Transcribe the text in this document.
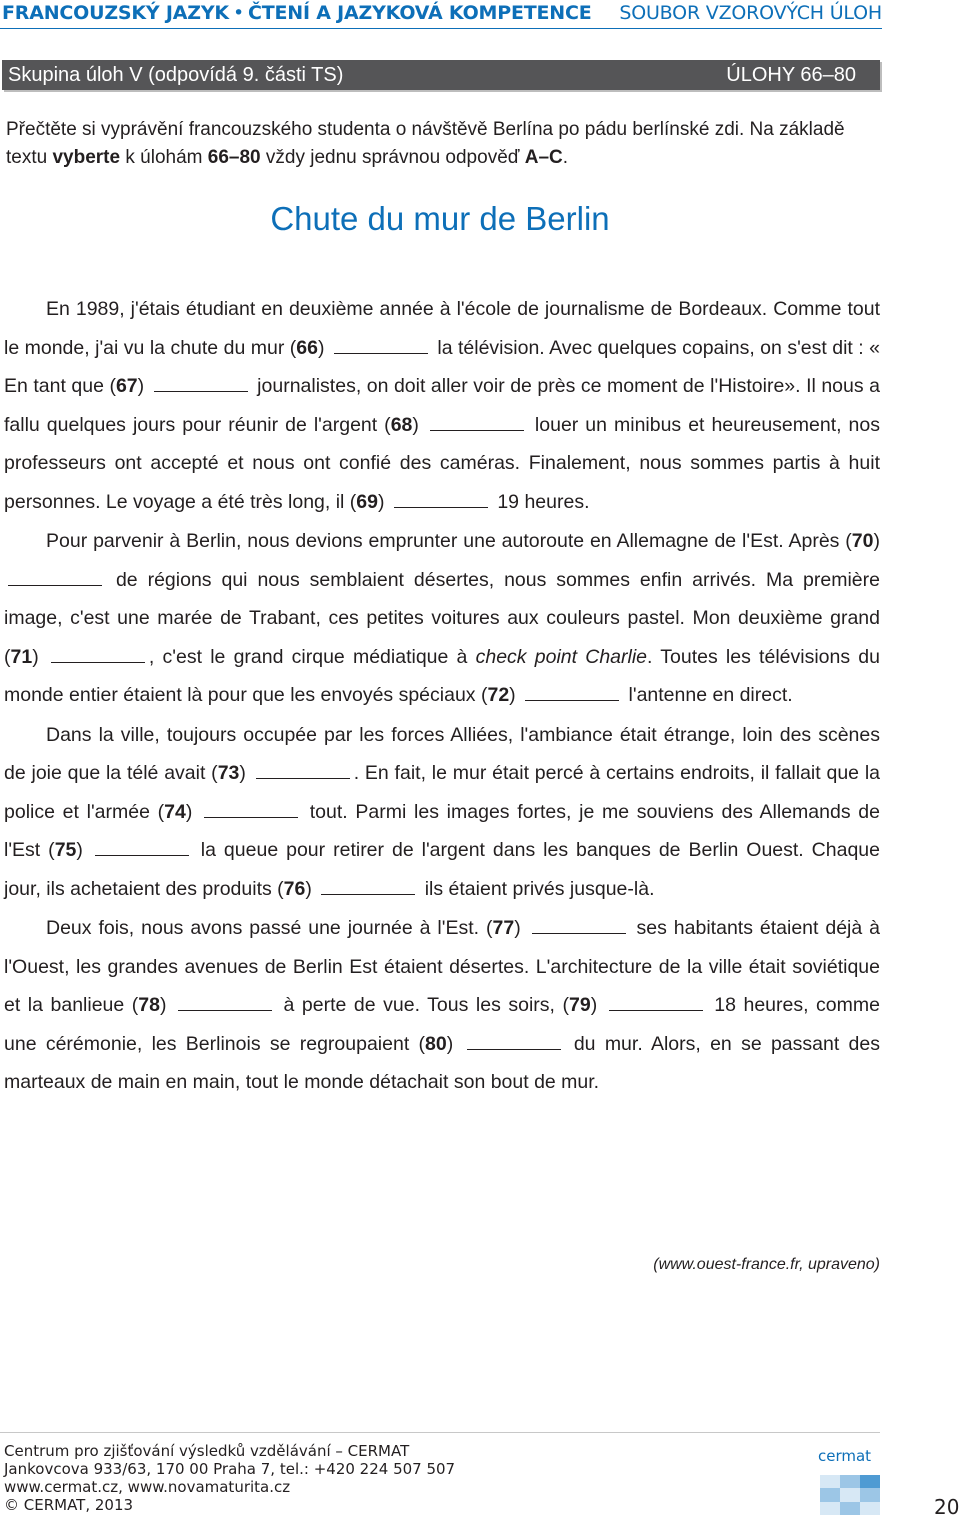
FRANCOUZSKÝ JAZYK • ČTENÍ A JAZYKOVÁ KOMPETENCE SOUBOR VZOROVÝCH ÚLOH
Skupina úloh V (odpovídá 9. části TS)	ÚLOHY 66–80
Přečtěte si vyprávění francouzského studenta o návštěvě Berlína po pádu berlínské zdi. Na základě textu vyberte k úlohám 66–80 vždy jednu správnou odpověď A–C.
Chute du mur de Berlin

En 1989, j'étais étudiant en deuxième année à l'école de journalisme de Bordeaux. Comme tout le monde, j'ai vu la chute du mur (66)	la télévision. Avec quelques copains, on s'est dit : « En tant que (67)	journalistes, on doit aller voir de près ce moment de l'Histoire». Il nous a fallu quelques jours pour réunir de l'argent (68)	louer un minibus et heureusement, nos professeurs ont accepté et nous ont confié des caméras. Finalement, nous sommes partis à huit personnes. Le voyage a été très long, il (69)	19 heures.

Pour parvenir à Berlin, nous devions emprunter une autoroute en Allemagne de l'Est. Après (70)  de régions qui nous semblaient désertes, nous sommes enfin arrivés. Ma première image, c'est une marée de Trabant, ces petites voitures aux couleurs pastel. Mon deuxième grand (71)	, c'est le grand cirque médiatique à check point Charlie. Toutes les télévisions du monde entier étaient là pour que les envoyés spéciaux (72)	l'antenne en direct.

Dans la ville, toujours occupée par les forces Alliées, l'ambiance était étrange, loin des scènes de joie que la télé avait (73)	. En fait, le mur était percé à certains endroits, il fallait que la police et l'armée (74)	tout. Parmi les images fortes, je me souviens des Allemands de l'Est (75)	la queue pour retirer de l'argent dans les banques de Berlin Ouest. Chaque jour, ils achetaient des produits (76)	ils étaient privés jusque-là.

Deux fois, nous avons passé une journée à l'Est. (77)	ses habitants étaient déjà à l'Ouest, les grandes avenues de Berlin Est étaient désertes. L'architecture de la ville était soviétique et la banlieue (78)	à perte de vue. Tous les soirs, (79)	18 heures, comme une cérémonie, les Berlinois se regroupaient (80)	du mur. Alors, en se passant des marteaux de main en main, tout le monde détachait son bout de mur.

(www.ouest-france.fr, upraveno)
Centrum pro zjišťování výsledků vzdělávání – CERMAT
Jankovcova 933/63, 170 00 Praha 7, tel.: +420 224 507 507
www.cermat.cz, www.novamaturita.cz
© CERMAT, 2013
cermat
20
